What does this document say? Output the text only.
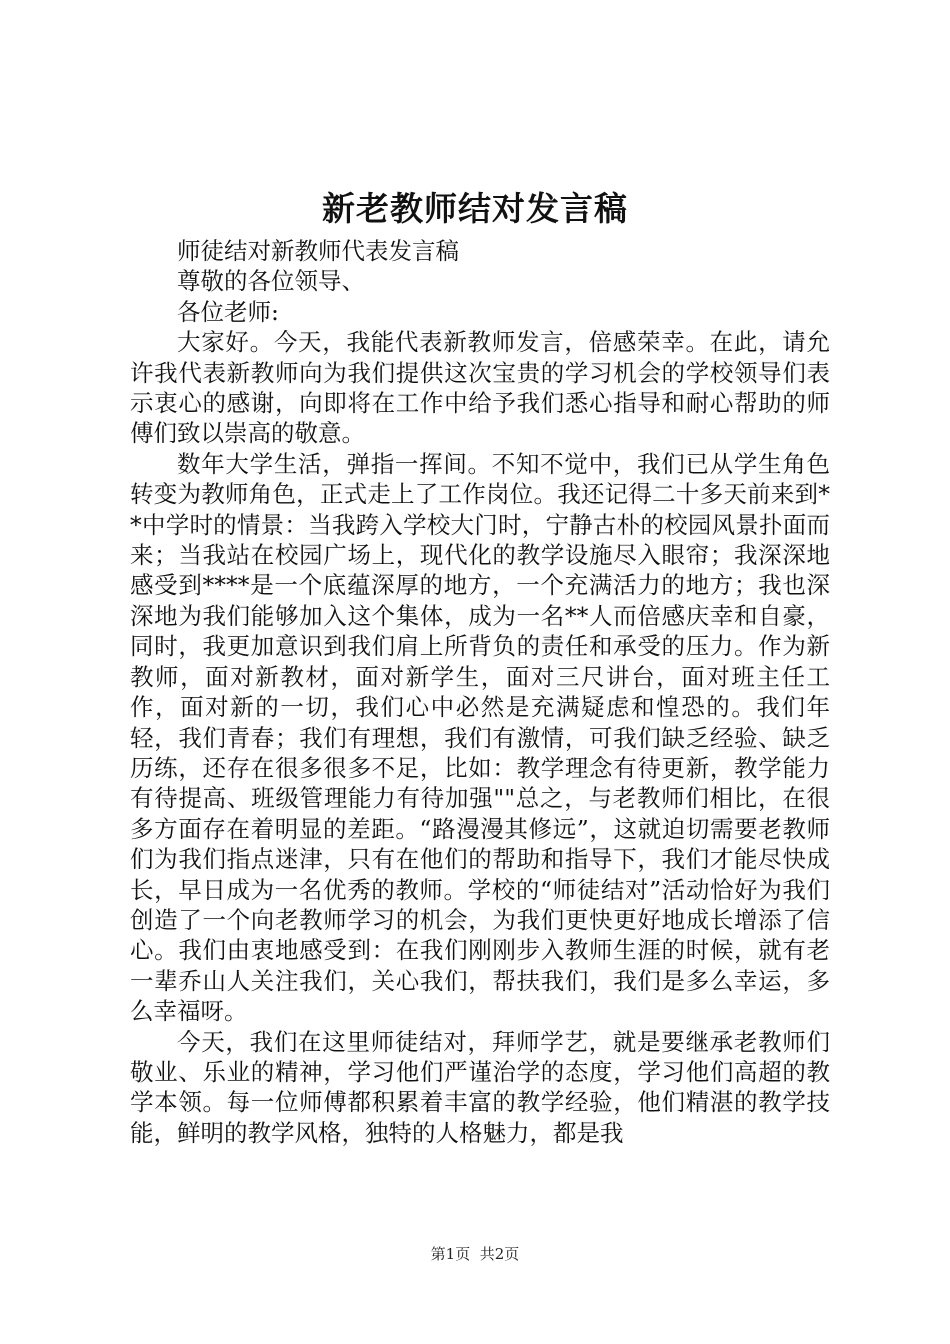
新老教师结对发言稿

师徒结对新教师代表发言稿

尊敬的各位领导、

各位老师:

大家好。今天，我能代表新教师发言，倍感荣幸。在此，请允许我代表新教师向为我们提供这次宝贵的学习机会的学校领导们表示衷心的感谢，向即将在工作中给予我们悉心指导和耐心帮助的师傅们致以崇高的敬意。

数年大学生活，弹指一挥间。不知不觉中，我们已从学生角色转变为教师角色，正式走上了工作岗位。我还记得二十多天前来到**中学时的情景：当我跨入学校大门时，宁静古朴的校园风景扑面而来；当我站在校园广场上，现代化的教学设施尽入眼帘；我深深地感受到****是一个底蕴深厚的地方，一个充满活力的地方；我也深深地为我们能够加入这个集体，成为一名**人而倍感庆幸和自豪，同时，我更加意识到我们肩上所背负的责任和承受的压力。作为新教师，面对新教材，面对新学生，面对三尺讲台，面对班主任工作，面对新的一切，我们心中必然是充满疑虑和惶恐的。我们年轻，我们青春；我们有理想，我们有激情，可我们缺乏经验、缺乏历练，还存在很多很多不足，比如：教学理念有待更新，教学能力有待提高、班级管理能力有待加强""总之，与老教师们相比，在很多方面存在着明显的差距。“路漫漫其修远”，这就迫切需要老教师们为我们指点迷津，只有在他们的帮助和指导下，我们才能尽快成长，早日成为一名优秀的教师。学校的“师徒结对”活动恰好为我们创造了一个向老教师学习的机会，为我们更快更好地成长增添了信心。我们由衷地感受到：在我们刚刚步入教师生涯的时候，就有老一辈乔山人关注我们，关心我们，帮扶我们，我们是多么幸运，多么幸福呀。

今天，我们在这里师徒结对，拜师学艺，就是要继承老教师们敬业、乐业的精神，学习他们严谨治学的态度，学习他们高超的教学本领。每一位师傅都积累着丰富的教学经验，他们精湛的教学技能，鲜明的教学风格，独特的人格魅力，都是我

第1页 共2页
